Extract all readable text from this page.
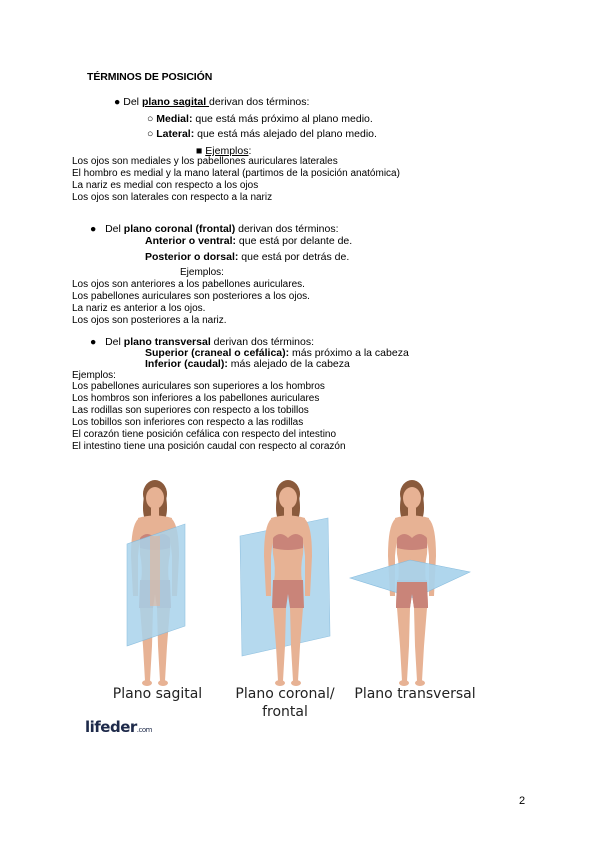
TÉRMINOS DE POSICIÓN
● Del plano sagital derivan dos términos:
○ Medial: que está más próximo al plano medio.
○ Lateral: que está más alejado del plano medio.
■ Ejemplos:
Los ojos son mediales y los pabellones auriculares laterales
El hombro es medial y la mano lateral (partimos de la posición anatómica)
La nariz es medial con respecto a los ojos
Los ojos son laterales con respecto a la nariz
●   Del plano coronal (frontal) derivan dos términos:
Anterior o ventral: que está por delante de.
Posterior o dorsal: que está por detrás de.
Ejemplos:
Los ojos son anteriores a los pabellones auriculares.
Los pabellones auriculares son posteriores a los ojos.
La nariz es anterior a los ojos.
Los ojos son posteriores a la nariz.
●   Del plano transversal derivan dos términos:
Superior (craneal o cefálica): más próximo a la cabeza
Inferior (caudal): más alejado de la cabeza
Ejemplos:
Los pabellones auriculares son superiores a los hombros
Los hombros son inferiores a los pabellones auriculares
Las rodillas son superiores con respecto a los tobillos
Los tobillos son inferiores con respecto a las rodillas
El corazón tiene posición cefálica con respecto del intestino
El intestino tiene una posición caudal con respecto al corazón
Plano sagital	Plano coronal/
frontal
Plano transversal
lifeder.com
2
